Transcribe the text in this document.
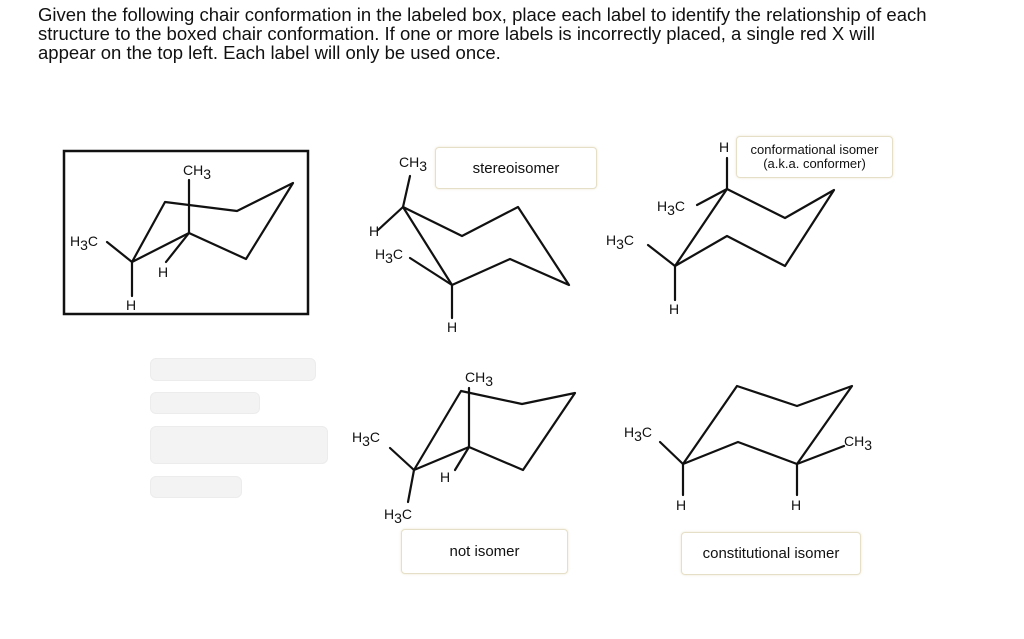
Given the following chair conformation in the labeled box, place each label to identify the relationship of each
structure to the boxed chair conformation. If one or more labels is incorrectly placed, a single red X will
appear on the top left. Each label will only be used once.
H3C
H
H
CH3
CH3
H
H3C
H
H
H3C
H3C
H
CH3
H3C
H
H3C
H3C
H
CH3
H
stereoisomer
conformational isomer
(a.k.a. conformer)
not isomer	constitutional isomer
